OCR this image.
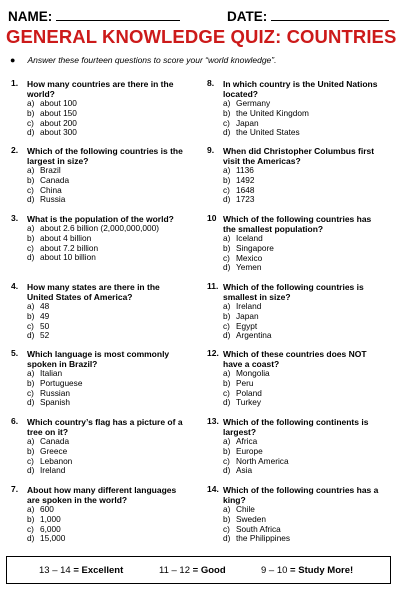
NAME:	DATE:
GENERAL KNOWLEDGE QUIZ: COUNTRIES
● Answer these fourteen questions to score your “world knowledge”.
1. How many countries are there in the world?
a) about 100
b) about 150
c) about 200
d) about 300
2. Which of the following countries is the largest in size?
a) Brazil
b) Canada
c) China
d) Russia
3. What is the population of the world?
a) about 2.6 billion (2,000,000,000)
b) about 4 billion
c) about 7.2 billion
d) about 10 billion
4. How many states are there in the United States of America?
a) 48
b) 49
c) 50
d) 52
5. Which language is most commonly spoken in Brazil?
a) Italian
b) Portuguese
c) Russian
d) Spanish
6. Which country’s flag has a picture of a tree on it?
a) Canada
b) Greece
c) Lebanon
d) Ireland
7. About how many different languages are spoken in the world?
a) 600
b) 1,000
c) 6,000
d) 15,000
8. In which country is the United Nations located?
a) Germany
b) the United Kingdom
c) Japan
d) the United States
9. When did Christopher Columbus first visit the Americas?
a) 1136
b) 1492
c) 1648
d) 1723
10 Which of the following countries has the smallest population?
a) Iceland
b) Singapore
c) Mexico
d) Yemen
11. Which of the following countries is smallest in size?
a) Ireland
b) Japan
c) Egypt
d) Argentina
12. Which of these countries does NOT have a coast?
a) Mongolia
b) Peru
c) Poland
d) Turkey
13. Which of the following continents is largest?
a) Africa
b) Europe
c) North America
d) Asia
14. Which of the following countries has a king?
a) Chile
b) Sweden
c) South Africa
d) the Philippines
13 – 14 = Excellent	11 – 12 = Good	9 – 10 = Study More!
